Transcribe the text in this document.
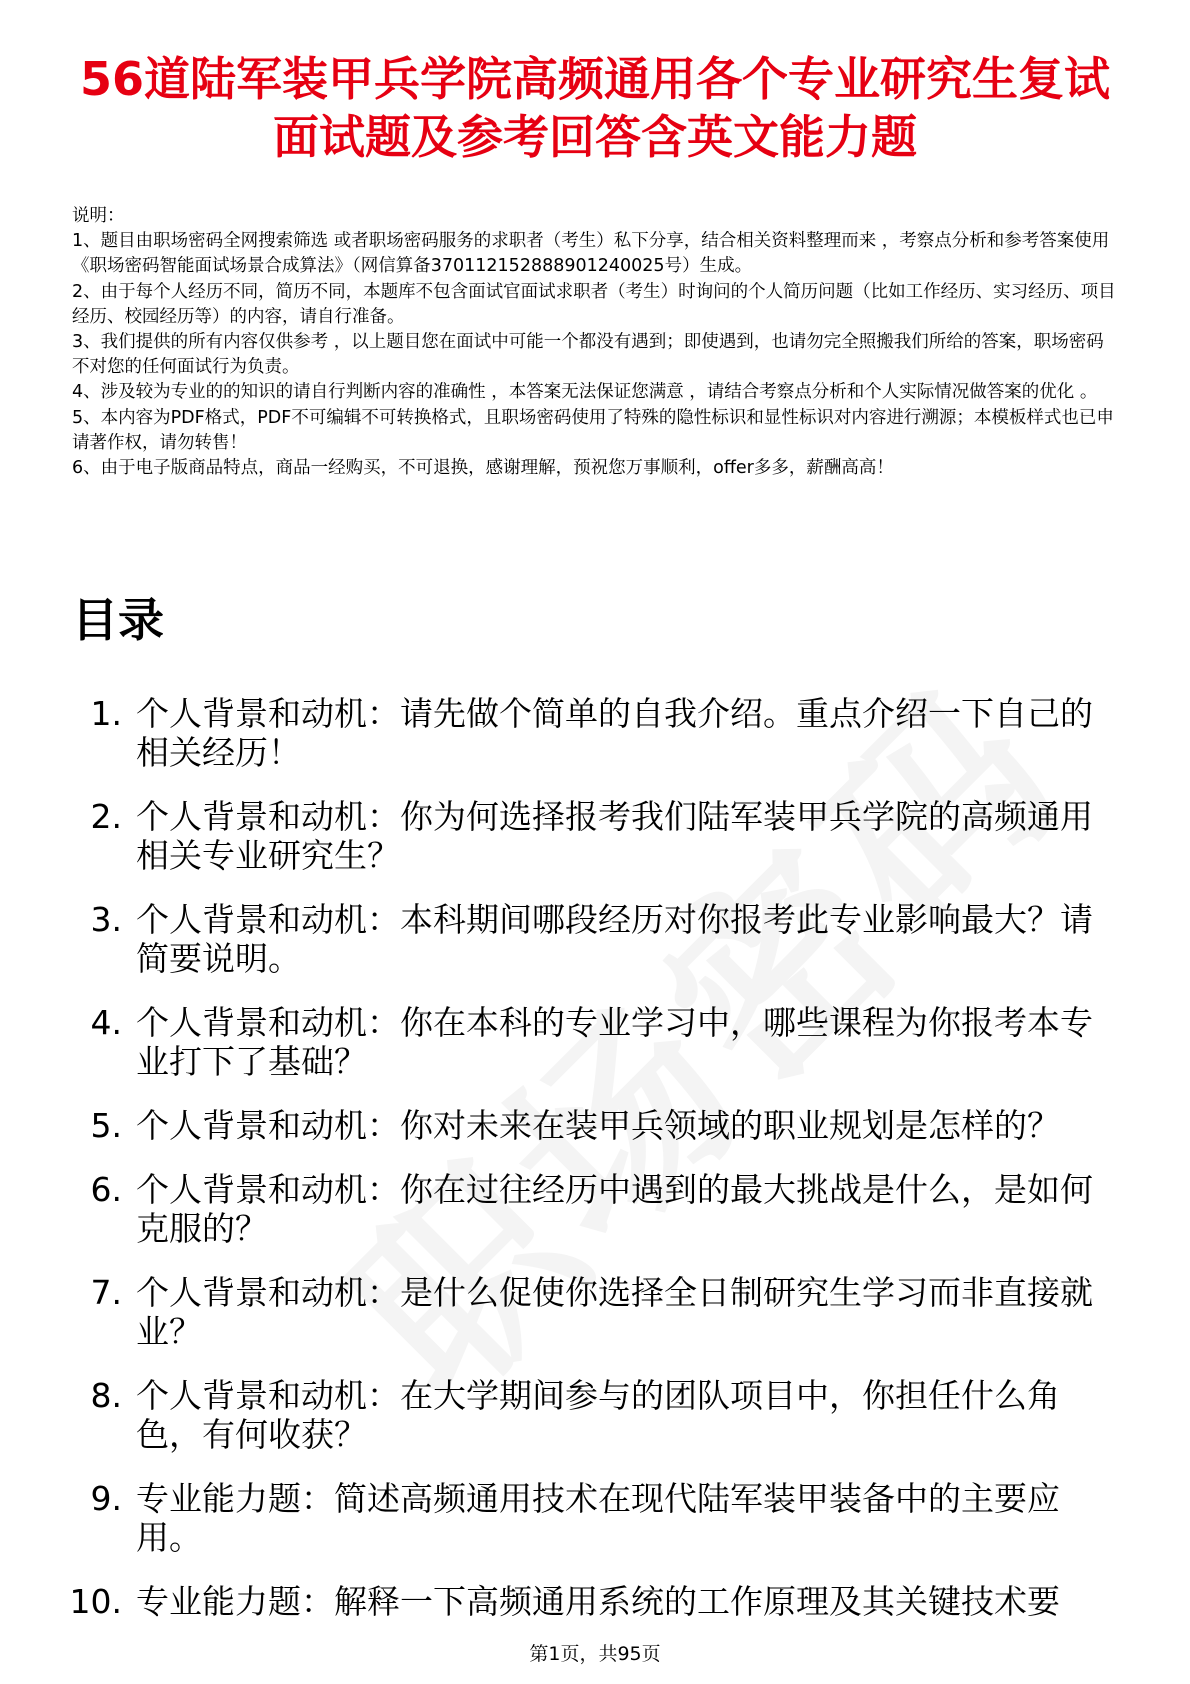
56道陆军装甲兵学院高频通用各个专业研究生复试面试题及参考回答含英文能力题

说明：

1、题目由职场密码全网搜索筛选 或者职场密码服务的求职者（考生）私下分享，结合相关资料整理而来 ，考察点分析和参考答案使用《职场密码智能面试场景合成算法》（网信算备370112152888901240025号）生成。

2、由于每个人经历不同，简历不同，本题库不包含面试官面试求职者（考生）时询问的个人简历问题（比如工作经历、实习经历、项目经历、校园经历等）的内容，请自行准备。

3、我们提供的所有内容仅供参考 ，以上题目您在面试中可能一个都没有遇到；即使遇到，也请勿完全照搬我们所给的答案，职场密码不对您的任何面试行为负责。

4、涉及较为专业的的知识的请自行判断内容的准确性 ，本答案无法保证您满意 ，请结合考察点分析和个人实际情况做答案的优化 。

5、本内容为PDF格式，PDF不可编辑不可转换格式，且职场密码使用了特殊的隐性标识和显性标识对内容进行溯源；本模板样式也已申请著作权，请勿转售！

6、由于电子版商品特点，商品一经购买，不可退换，感谢理解，预祝您万事顺利，offer多多，薪酬高高！

目录
1. 个人背景和动机：请先做个简单的自我介绍。重点介绍一下自己的相关经历！
2. 个人背景和动机：你为何选择报考我们陆军装甲兵学院的高频通用相关专业研究生？
3. 个人背景和动机：本科期间哪段经历对你报考此专业影响最大？请简要说明。
4. 个人背景和动机：你在本科的专业学习中，哪些课程为你报考本专业打下了基础？
5. 个人背景和动机：你对未来在装甲兵领域的职业规划是怎样的？
6. 个人背景和动机：你在过往经历中遇到的最大挑战是什么，是如何克服的？
7. 个人背景和动机：是什么促使你选择全日制研究生学习而非直接就业？
8. 个人背景和动机：在大学期间参与的团队项目中，你担任什么角色，有何收获？
9. 专业能力题：简述高频通用技术在现代陆军装甲装备中的主要应用。
10. 专业能力题：解释一下高频通用系统的工作原理及其关键技术要
第1页，共95页
